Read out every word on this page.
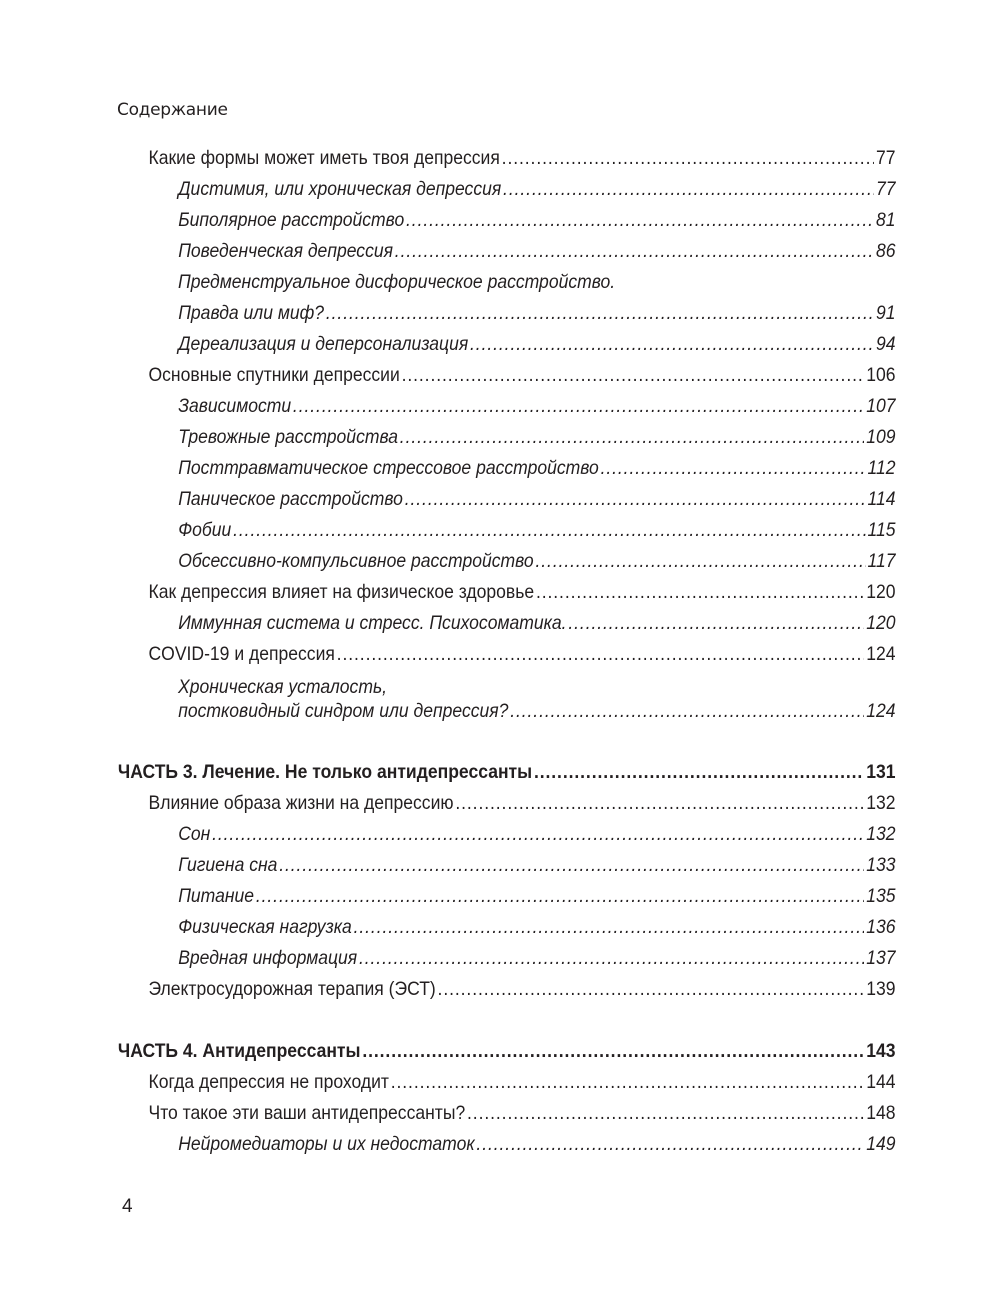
Содержание
Какие формы может иметь твоя депрессия .....	77
Дистимия, или хроническая депрессия .....	77
Биполярное расстройство .....	81
Поведенческая депрессия .....	86
Предменструальное дисфорическое расстройство.
Правда или миф? .....	91
Дереализация и деперсонализация .....	94
Основные спутники депрессии .....	106
Зависимости .....	107
Тревожные расстройства .....	109
Посттравматическое стрессовое расстройство .....	112
Паническое расстройство .....	114
Фобии .....	115
Обсессивно-компульсивное расстройство .....	117
Как депрессия влияет на физическое здоровье .....	120
Иммунная система и стресс. Психосоматика. .....	120
COVID-19 и депрессия .....	124
Хроническая усталость,
постковидный синдром или депрессия? .....	124
ЧАСТЬ 3. Лечение. Не только антидепрессанты .....	131
Влияние образа жизни на депрессию .....	132
Сон .....	132
Гигиена сна .....	133
Питание .....	135
Физическая нагрузка .....	136
Вредная информация .....	137
Электросудорожная терапия (ЭСТ) .....	139
ЧАСТЬ 4. Антидепрессанты .....	143
Когда депрессия не проходит .....	144
Что такое эти ваши антидепрессанты? .....	148
Нейромедиаторы и их недостаток .....	149
4
